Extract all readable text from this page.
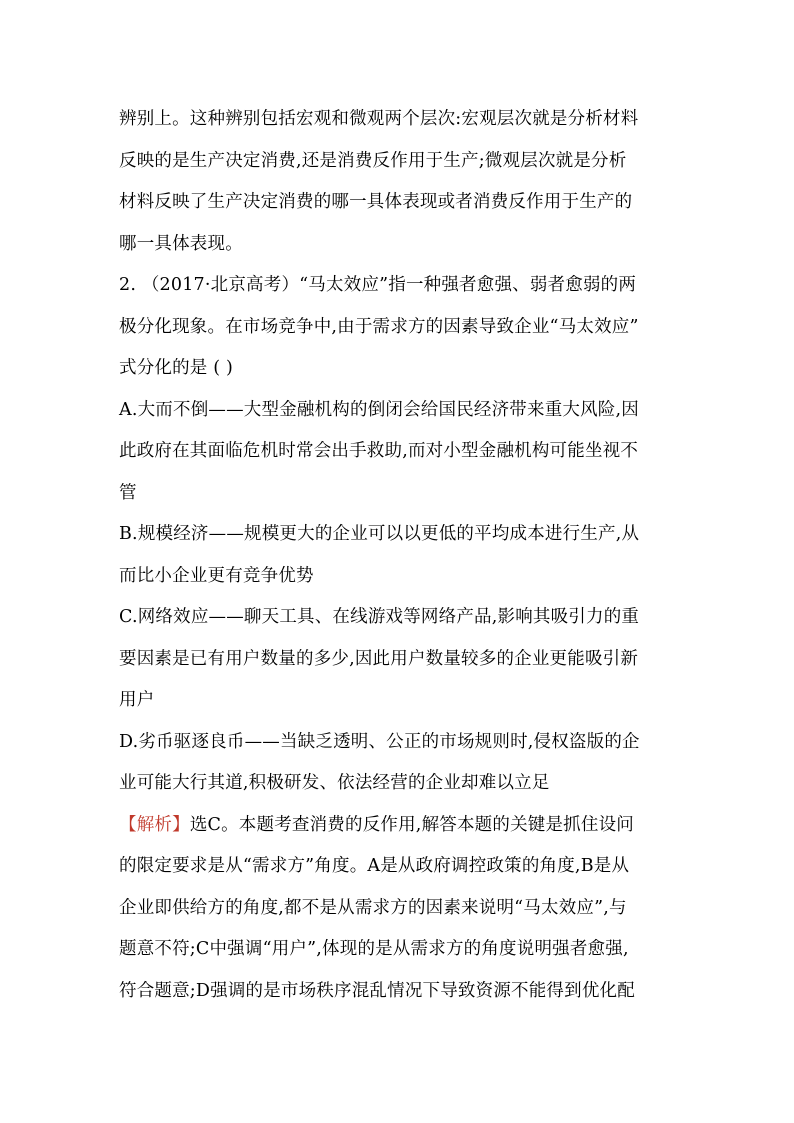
辨别上。这种辨别包括宏观和微观两个层次:宏观层次就是分析材料
反映的是生产决定消费,还是消费反作用于生产;微观层次就是分析
材料反映了生产决定消费的哪一具体表现或者消费反作用于生产的
哪一具体表现。
2. （2017·北京高考）“马太效应”指一种强者愈强、弱者愈弱的两
极分化现象。在市场竞争中,由于需求方的因素导致企业“马太效应”
式分化的是 ( )
A.大而不倒——大型金融机构的倒闭会给国民经济带来重大风险,因
此政府在其面临危机时常会出手救助,而对小型金融机构可能坐视不
管
B.规模经济——规模更大的企业可以以更低的平均成本进行生产,从
而比小企业更有竞争优势
C.网络效应——聊天工具、在线游戏等网络产品,影响其吸引力的重
要因素是已有用户数量的多少,因此用户数量较多的企业更能吸引新
用户
D.劣币驱逐良币——当缺乏透明、公正的市场规则时,侵权盗版的企
业可能大行其道,积极研发、依法经营的企业却难以立足
【解析】选C。本题考查消费的反作用,解答本题的关键是抓住设问
的限定要求是从“需求方”角度。A是从政府调控政策的角度,B是从
企业即供给方的角度,都不是从需求方的因素来说明“马太效应”,与
题意不符;C中强调“用户”,体现的是从需求方的角度说明强者愈强,
符合题意;D强调的是市场秩序混乱情况下导致资源不能得到优化配
